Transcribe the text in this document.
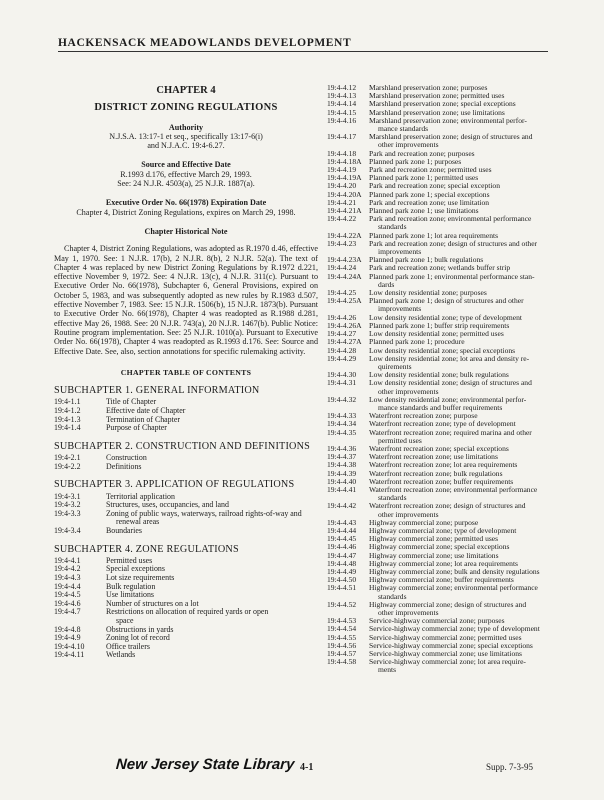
HACKENSACK MEADOWLANDS DEVELOPMENT
CHAPTER 4
DISTRICT ZONING REGULATIONS
Authority
N.J.S.A. 13:17-1 et seq., specifically 13:17-6(i)
and N.J.A.C. 19:4-6.27.
Source and Effective Date
R.1993 d.176, effective March 29, 1993.
See: 24 N.J.R. 4503(a), 25 N.J.R. 1887(a).
Executive Order No. 66(1978) Expiration Date
Chapter 4, District Zoning Regulations, expires on March 29, 1998.
Chapter Historical Note
Chapter 4, District Zoning Regulations, was adopted as R.1970 d.46, effective May 1, 1970. See: 1 N.J.R. 17(b), 2 N.J.R. 8(b), 2 N.J.R. 52(a). The text of Chapter 4 was replaced by new District Zoning Regulations by R.1972 d.221, effective November 9, 1972. See: 4 N.J.R. 13(c), 4 N.J.R. 311(c). Pursuant to Executive Order No. 66(1978), Subchapter 6, General Provisions, expired on October 5, 1983, and was subsequently adopted as new rules by R.1983 d.507, effective November 7, 1983. See: 15 N.J.R. 1506(b), 15 N.J.R. 1873(b). Pursuant to Executive Order No. 66(1978), Chapter 4 was readopted as R.1988 d.281, effective May 26, 1988. See: 20 N.J.R. 743(a), 20 N.J.R. 1467(b). Public Notice: Routine program implementation. See: 25 N.J.R. 1010(a). Pursuant to Executive Order No. 66(1978), Chapter 4 was readopted as R.1993 d.176. See: Source and Effective Date. See, also, section annotations for specific rulemaking activity.
CHAPTER TABLE OF CONTENTS
SUBCHAPTER 1. GENERAL INFORMATION
19:4-1.1	Title of Chapter
19:4-1.2	Effective date of Chapter
19:4-1.3	Termination of Chapter
19:4-1.4	Purpose of Chapter
SUBCHAPTER 2. CONSTRUCTION AND DEFINITIONS
19:4-2.1	Construction
19:4-2.2	Definitions
SUBCHAPTER 3. APPLICATION OF REGULATIONS
19:4-3.1	Territorial application
19:4-3.2	Structures, uses, occupancies, and land
19:4-3.3	Zoning of public ways, waterways, railroad rights-of-way and
renewal areas
19:4-3.4	Boundaries
SUBCHAPTER 4. ZONE REGULATIONS
19:4-4.1	Permitted uses
19:4-4.2	Special exceptions
19:4-4.3	Lot size requirements
19:4-4.4	Bulk regulation
19:4-4.5	Use limitations
19:4-4.6	Number of structures on a lot
19:4-4.7	Restrictions on allocation of required yards or open
space
19:4-4.8	Obstructions in yards
19:4-4.9	Zoning lot of record
19:4-4.10	Office trailers
19:4-4.11	Wetlands
19:4-4.12	Marshland preservation zone; purposes
19:4-4.13	Marshland preservation zone; permitted uses
19:4-4.14	Marshland preservation zone; special exceptions
19:4-4.15	Marshland preservation zone; use limitations
19:4-4.16	Marshland preservation zone; environmental perfor-
mance standards
19:4-4.17	Marshland preservation zone; design of structures and
other improvements
19:4-4.18	Park and recreation zone; purposes
19:4-4.18A Planned park zone 1; purposes
19:4-4.19	Park and recreation zone; permitted uses
19:4-4.19A Planned park zone 1; permitted uses
19:4-4.20	Park and recreation zone; special exception
19:4-4.20A Planned park zone 1; special exceptions
19:4-4.21	Park and recreation zone; use limitation
19:4-4.21A Planned park zone 1; use limitations
19:4-4.22	Park and recreation zone; environmental performance
standards
19:4-4.22A Planned park zone 1; lot area requirements
19:4-4.23	Park and recreation zone; design of structures and other
improvements
19:4-4.23A Planned park zone 1; bulk regulations
19:4-4.24	Park and recreation zone; wetlands buffer strip
19:4-4.24A Planned park zone 1; environmental performance stan-
dards
19:4-4.25	Low density residential zone; purposes
19:4-4.25A Planned park zone 1; design of structures and other
improvements
19:4-4.26	Low density residential zone; type of development
19:4-4.26A Planned park zone 1; buffer strip requirements
19:4-4.27	Low density residential zone; permitted uses
19:4-4.27A Planned park zone 1; procedure
19:4-4.28	Low density residential zone; special exceptions
19:4-4.29	Low density residential zone; lot area and density re-
quirements
19:4-4.30	Low density residential zone; bulk regulations
19:4-4.31	Low density residential zone; design of structures and
other improvements
19:4-4.32	Low density residential zone; environmental perfor-
mance standards and buffer requirements
19:4-4.33	Waterfront recreation zone; purpose
19:4-4.34	Waterfront recreation zone; type of development
19:4-4.35	Waterfront recreation zone; required marina and other
permitted uses
19:4-4.36	Waterfront recreation zone; special exceptions
19:4-4.37	Waterfront recreation zone; use limitations
19:4-4.38	Waterfront recreation zone; lot area requirements
19:4-4.39	Waterfront recreation zone; bulk regulations
19:4-4.40	Waterfront recreation zone; buffer requirements
19:4-4.41	Waterfront recreation zone; environmental performance
standards
19:4-4.42	Waterfront recreation zone; design of structures and
other improvements
19:4-4.43	Highway commercial zone; purpose
19:4-4.44	Highway commercial zone; type of development
19:4-4.45	Highway commercial zone; permitted uses
19:4-4.46	Highway commercial zone; special exceptions
19:4-4.47	Highway commercial zone; use limitations
19:4-4.48	Highway commercial zone; lot area requirements
19:4-4.49	Highway commercial zone; bulk and density regulations
19:4-4.50	Highway commercial zone; buffer requirements
19:4-4.51	Highway commercial zone; environmental performance
standards
19:4-4.52	Highway commercial zone; design of structures and
other improvements
19:4-4.53	Service-highway commercial zone; purposes
19:4-4.54	Service-highway commercial zone; type of development
19:4-4.55	Service-highway commercial zone; permitted uses
19:4-4.56	Service-highway commercial zone; special exceptions
19:4-4.57	Service-highway commercial zone; use limitations
19:4-4.58	Service-highway commercial zone; lot area require-
ments
New Jersey State Library 4-1	Supp. 7-3-95
